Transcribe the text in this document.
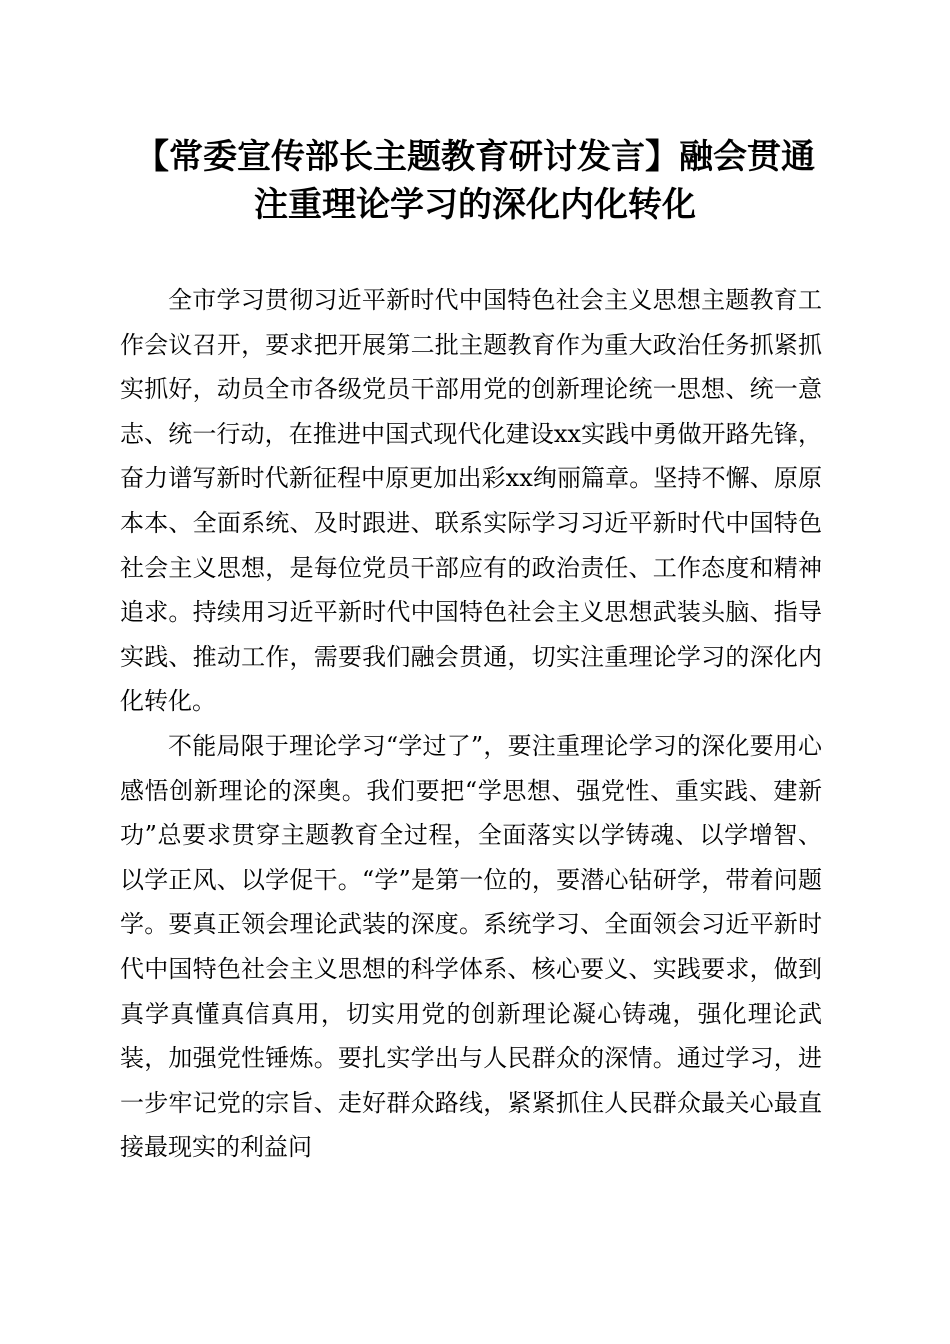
【常委宣传部长主题教育研讨发言】融会贯通
注重理论学习的深化内化转化

全市学习贯彻习近平新时代中国特色社会主义思想主题教育工作会议召开，要求把开展第二批主题教育作为重大政治任务抓紧抓实抓好，动员全市各级党员干部用党的创新理论统一思想、统一意志、统一行动，在推进中国式现代化建设xx实践中勇做开路先锋，奋力谱写新时代新征程中原更加出彩xx绚丽篇章。坚持不懈、原原本本、全面系统、及时跟进、联系实际学习习近平新时代中国特色社会主义思想，是每位党员干部应有的政治责任、工作态度和精神追求。持续用习近平新时代中国特色社会主义思想武装头脑、指导实践、推动工作，需要我们融会贯通，切实注重理论学习的深化内化转化。

不能局限于理论学习“学过了”，要注重理论学习的深化要用心感悟创新理论的深奥。我们要把“学思想、强党性、重实践、建新功”总要求贯穿主题教育全过程，全面落实以学铸魂、以学增智、以学正风、以学促干。“学”是第一位的，要潜心钻研学，带着问题学。要真正领会理论武装的深度。系统学习、全面领会习近平新时代中国特色社会主义思想的科学体系、核心要义、实践要求，做到真学真懂真信真用，切实用党的创新理论凝心铸魂，强化理论武装，加强党性锤炼。要扎实学出与人民群众的深情。通过学习，进一步牢记党的宗旨、走好群众路线，紧紧抓住人民群众最关心最直接最现实的利益问
